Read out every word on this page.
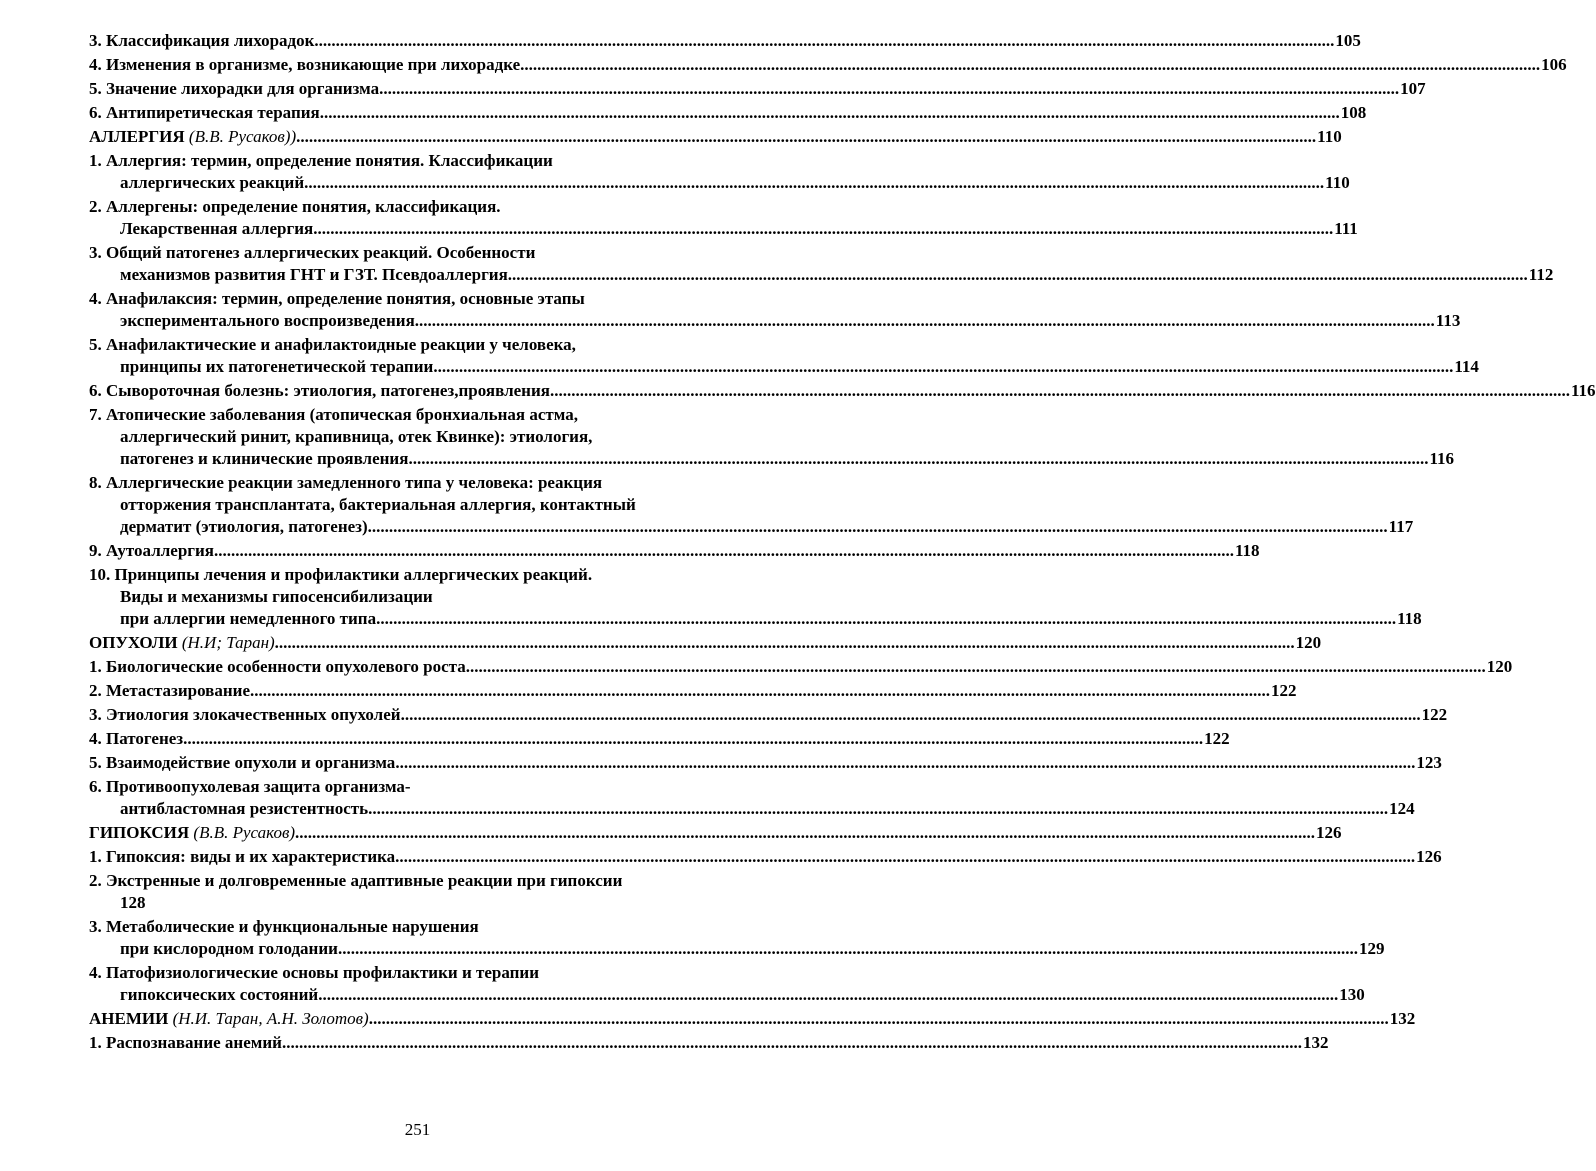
3. Классификация лихорадок .....	105
4. Изменения в организме, возникающие при лихорадке .....	106
5. Значение лихорадки для организма .....	107
6. Антипиретическая терапия .....	108
АЛЛЕРГИЯ (В.В. Русаков)) .....	110
1. Аллергия: термин, определение понятия. Классификации
аллергических реакций .....	110
2. Аллергены: определение понятия, классификация.
Лекарственная аллергия .....	111
3. Общий патогенез аллергических реакций. Особенности
механизмов развития ГНТ и ГЗТ. Псевдоаллергия .....	112
4. Анафилаксия: термин, определение понятия, основные этапы
экспериментального воспроизведения .....	113
5. Анафилактические и анафилактоидные реакции у человека,
принципы их патогенетической терапии .....	114
6. Сывороточная болезнь: этиология, патогенез,проявления .....	116
7. Атопические заболевания (атопическая бронхиальная астма,
аллергический ринит, крапивница, отек Квинке): этиология,
патогенез и клинические проявления .....	116
8. Аллергические реакции замедленного типа у человека: реакция
отторжения трансплантата, бактериальная аллергия, контактный
дерматит (этиология, патогенез) .....	117
9. Аутоаллергия .....	118
10. Принципы лечения и профилактики аллергических реакций.
Виды и механизмы гипосенсибилизации
при аллергии немедленного типа .....	118
ОПУХОЛИ (Н.И; Таран) .....	120
1. Биологические особенности опухолевого роста .....	120
2. Метастазирование .....	122
3. Этиология злокачественных опухолей .....	122
4. Патогенез .....	122
5. Взаимодействие опухоли и организма .....	123
6. Противоопухолевая защита организма-
антибластомная резистентность .....	124
ГИПОКСИЯ (В.В. Русаков) .....	126
1. Гипоксия: виды и их характеристика .....	126
2. Экстренные и долговременные адаптивные реакции при гипоксии
128
3. Метаболические и функциональные нарушения
при кислородном голодании .....	129
4. Патофизиологические основы профилактики и терапии
гипоксических состояний .....	130
АНЕМИИ (Н.И. Таран, А.Н. Золотов) .....	132
1. Распознавание анемий .....	132
251
